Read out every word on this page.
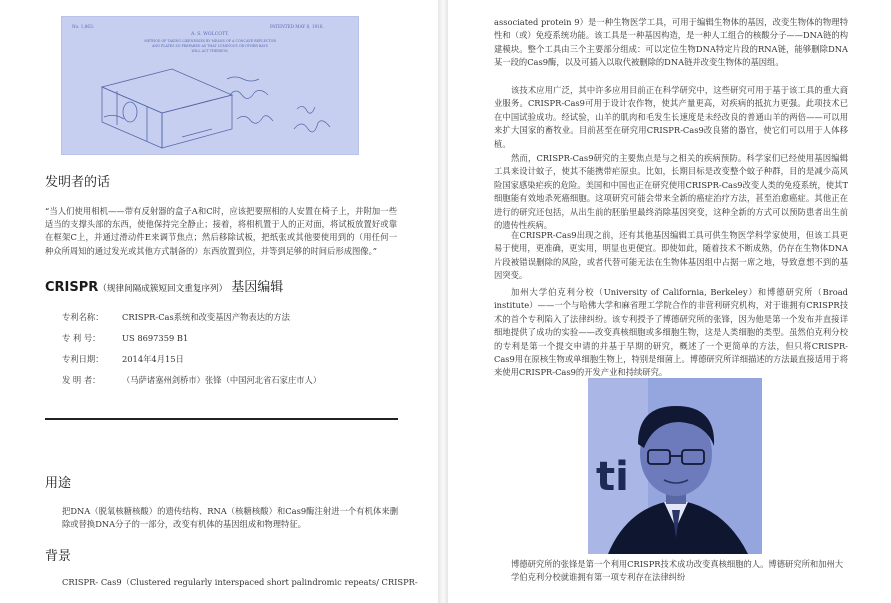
No. 1,863.	PATENTED MAY 8, 1916.
A. S. WOLCOTT.
METHOD OF TAKING LIKENESSES BY MEANS OF A CONCAVE REFLECTOR
AND PLATES SO PREPARED AS THAT LUMINOUS OR OTHER RAYS
WILL ACT THEREON.
发明者的话

“当人们使用相机——带有反射器的盒子A和C时，应该把要照相的人安置在椅子上，并附加一些适当的支撑头部的东西，使他保持完全静止；接着，将相机置于人的正对面，将试板放置好或靠在框架C上，并通过滑动件E来调节焦点；然后移除试板，把纸张或其他要使用到的（用任何一种众所周知的通过发光或其他方式制备的）东西放置到位，并等到足够的时间后形成图像。”

CRISPR（规律间隔成簇短回文重复序列） 基因编辑
专利名称： CRISPR-Cas系统和改变基因产物表达的方法
专 利 号：	US 8697359 B1
专利日期： 2014年4月15日
发 明 者：	（马萨诸塞州剑桥市）张锋（中国河北省石家庄市人）
用途

把DNA（脱氧核糖核酸）的遗传结构、RNA（核糖核酸）和Cas9酶注射进一个有机体来删除或替换DNA分子的一部分，改变有机体的基因组成和物理特征。

背景

CRISPR- Cas9（Clustered regularly interspaced short palindromic repeats/ CRISPR-

associated protein 9）是一种生物医学工具，可用于编辑生物体的基因，改变生物体的物理特性和（或）免疫系统功能。该工具是一种基因构造，是一种人工组合的核酸分子——DNA链的构建模块。整个工具由三个主要部分组成：可以定位生物DNA特定片段的RNA链，能够删除DNA某一段的Cas9酶，以及可插入以取代被删除的DNA链并改变生物体的基因组。

该技术应用广泛，其中许多应用目前正在科学研究中，这些研究可用于基于该工具的重大商业服务。CRISPR-Cas9可用于设计农作物，使其产量更高，对疾病的抵抗力更强。此项技术已在中国试验成功。经试验，山羊的肌肉和毛发生长速度是未经改良的普通山羊的两倍——可以用来扩大国家的畜牧业。目前甚至在研究用CRISPR-Cas9改良猪的器官，使它们可以用于人体移植。

然而，CRISPR-Cas9研究的主要焦点是与之相关的疾病预防。科学家们已经使用基因编辑工具来设计蚊子，使其不能携带疟原虫。比如，长期目标是改变整个蚊子种群，目的是减少高风险国家感染疟疾的危险。美国和中国也正在研究使用CRISPR-Cas9改变人类的免疫系统，使其T细胞能有效地杀死癌细胞。这项研究可能会带来全新的癌症治疗方法，甚至治愈癌症。其他正在进行的研究还包括，从出生前的胚胎里最终消除基因突变，这种全新的方式可以预防患者出生前的遗传性疾病。

在CRISPR-Cas9出现之前，还有其他基因编辑工具可供生物医学科学家使用，但该工具更易于使用，更准确，更实用，明显也更便宜。即使如此，随着技术不断成熟，仍存在生物体DNA片段被错误删除的风险，或者代替可能无法在生物体基因组中占据一席之地，导致意想不到的基因突变。

加州大学伯克利分校（University of California, Berkeley）和博德研究所（Broad institute）——一个与哈佛大学和麻省理工学院合作的非营利研究机构，对于谁拥有CRISPR技术的首个专利陷入了法律纠纷。该专利授予了博德研究所的张锋，因为他是第一个发布并直接详细地提供了成功的实验——改变真核细胞或多细胞生物，这是人类细胞的类型。虽然伯克利分校的专利是第一个提交申请的并基于早期的研究，概述了一个更简单的方法，但只将CRISPR-Cas9用在原核生物或单细胞生物上，特别是细菌上。博德研究所详细描述的方法最直接适用于将来使用CRISPR-Cas9的开发产业和持续研究。

ti

博德研究所的张锋是第一个利用CRISPR技术成功改变真核细胞的人。博德研究所和加州大学伯克利分校就谁拥有第一项专利存在法律纠纷
